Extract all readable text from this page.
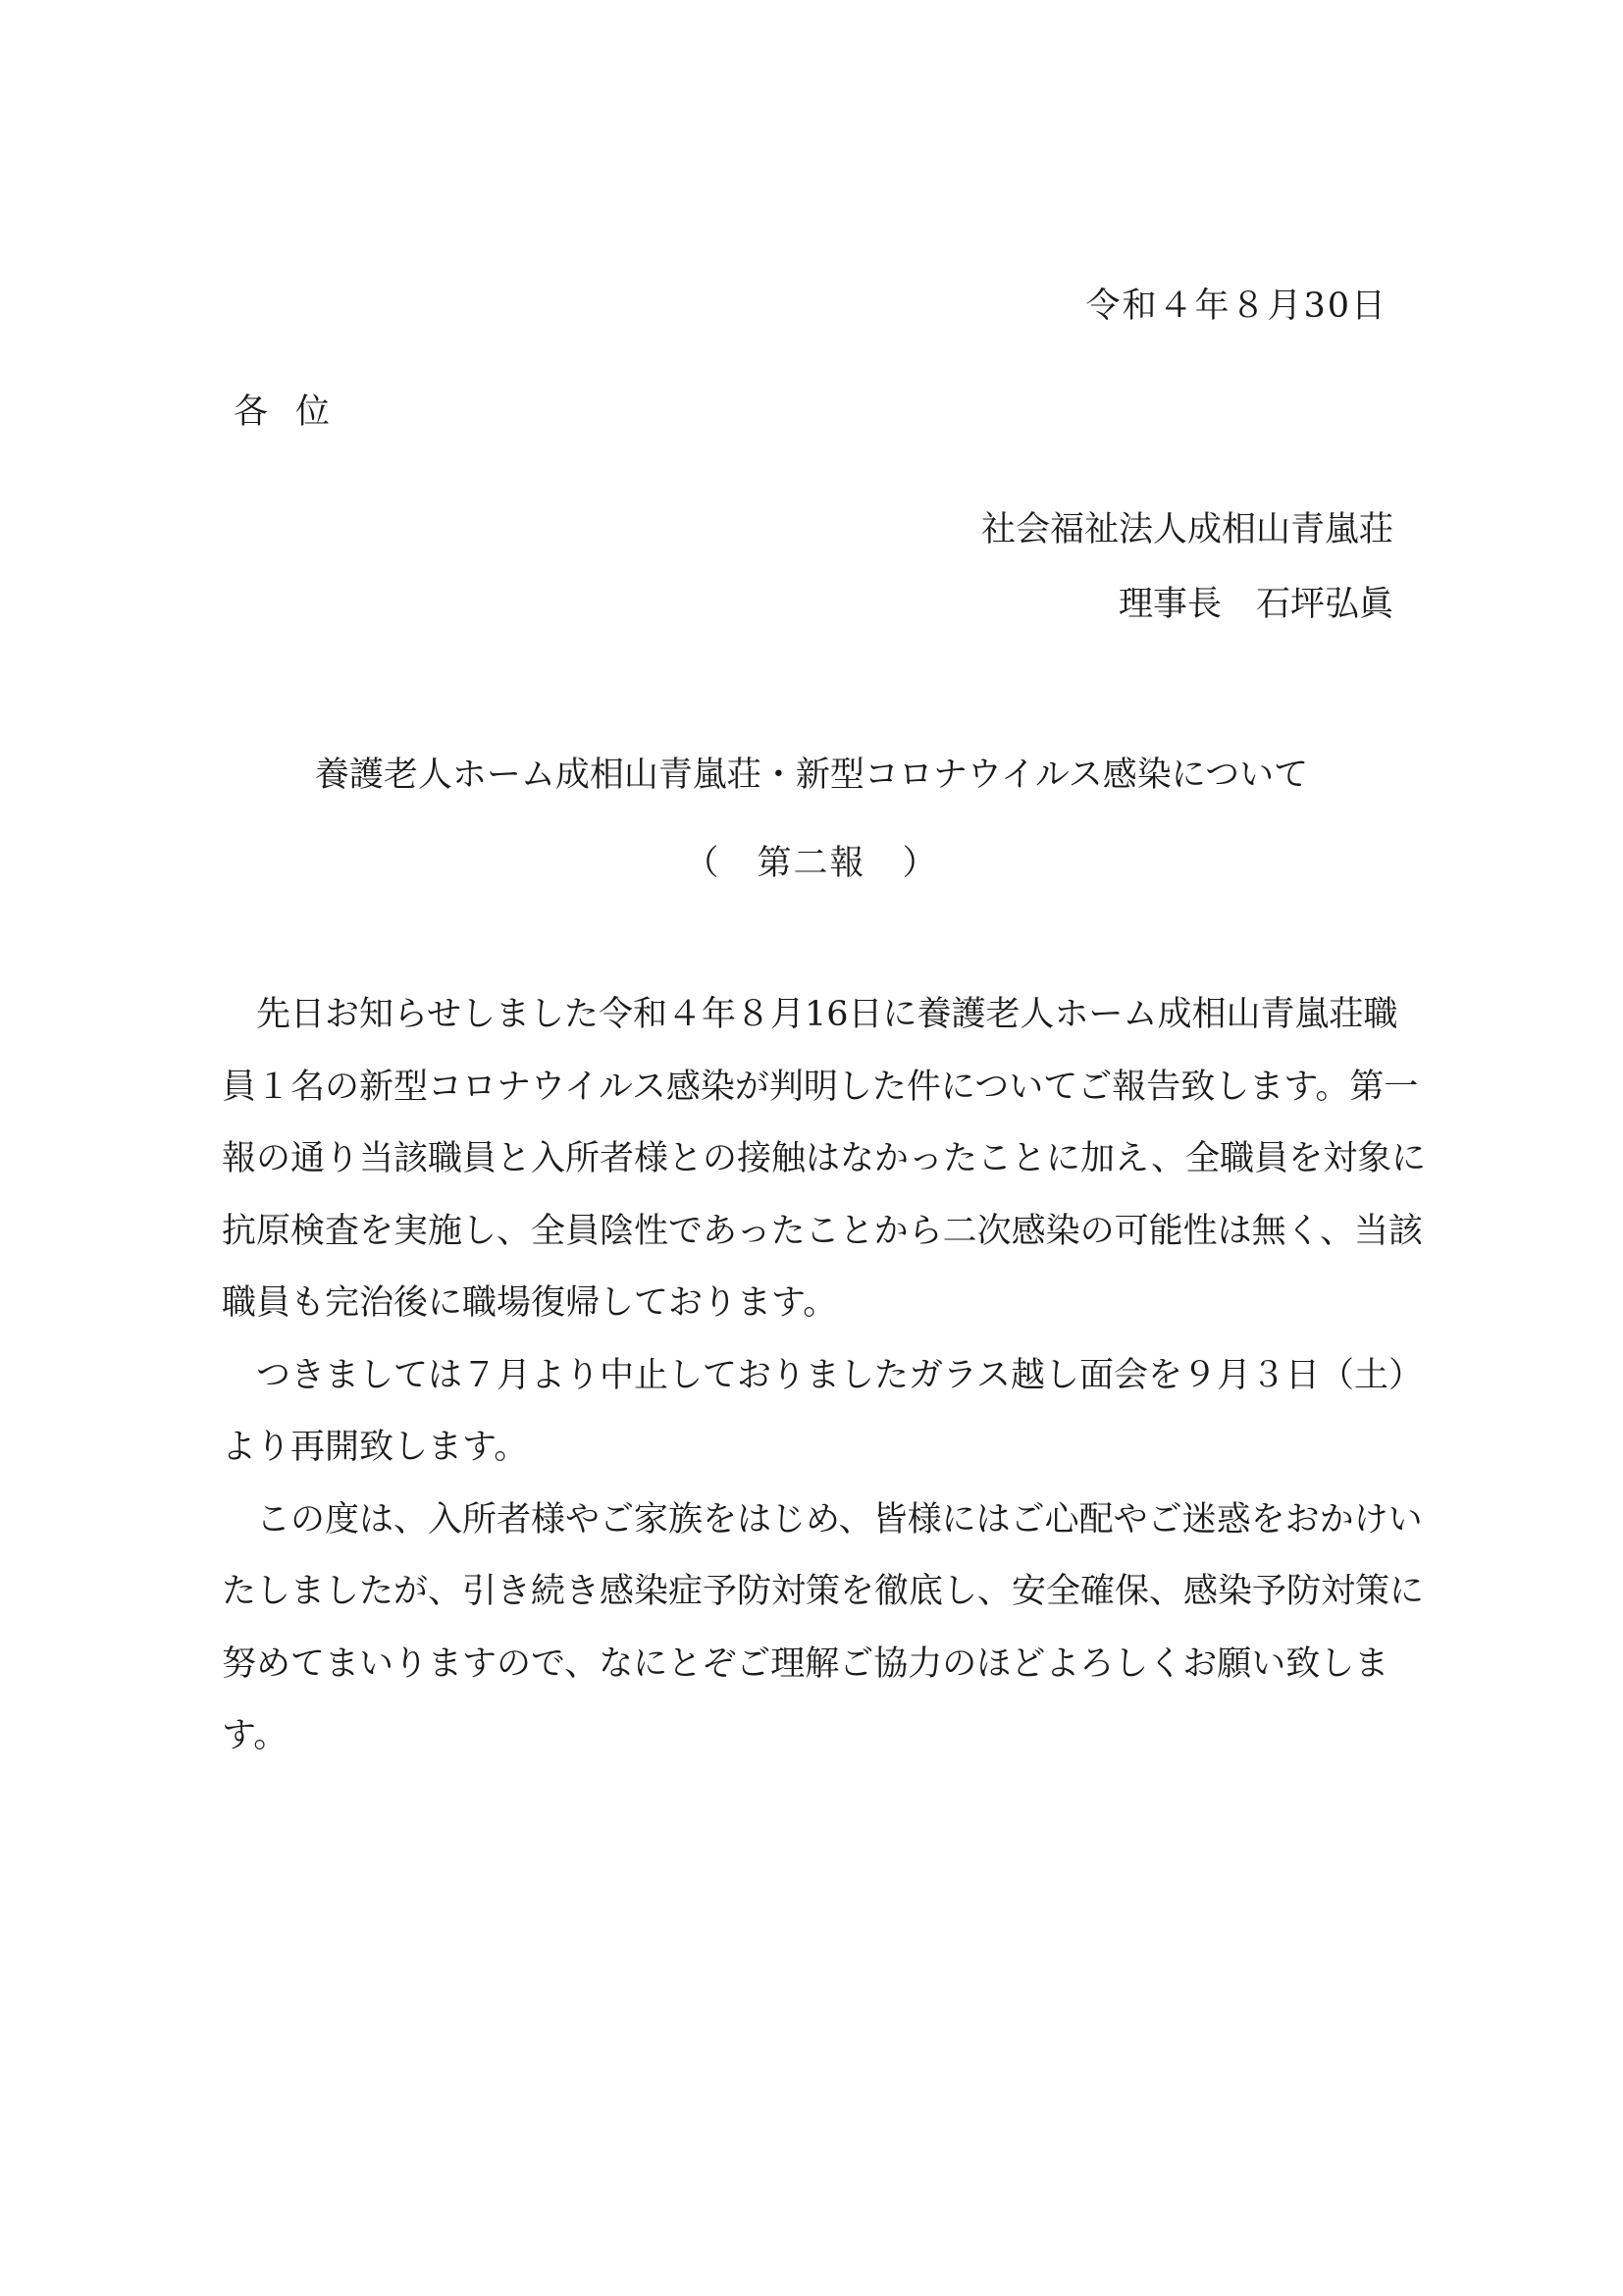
令和４年８月30日
各位
社会福祉法人成相山青嵐荘
理事長　石坪弘眞
養護老人ホーム成相山青嵐荘・新型コロナウイルス感染について
（　第二報　）
　先日お知らせしました令和４年８月16日に養護老人ホーム成相山青嵐荘職
員１名の新型コロナウイルス感染が判明した件についてご報告致します。第一
報の通り当該職員と入所者様との接触はなかったことに加え、全職員を対象に
抗原検査を実施し、全員陰性であったことから二次感染の可能性は無く、当該
職員も完治後に職場復帰しております。
　つきましては７月より中止しておりましたガラス越し面会を９月３日（土）
より再開致します。
　この度は、入所者様やご家族をはじめ、皆様にはご心配やご迷惑をおかけい
たしましたが、引き続き感染症予防対策を徹底し、安全確保、感染予防対策に
努めてまいりますので、なにとぞご理解ご協力のほどよろしくお願い致しま
す。
